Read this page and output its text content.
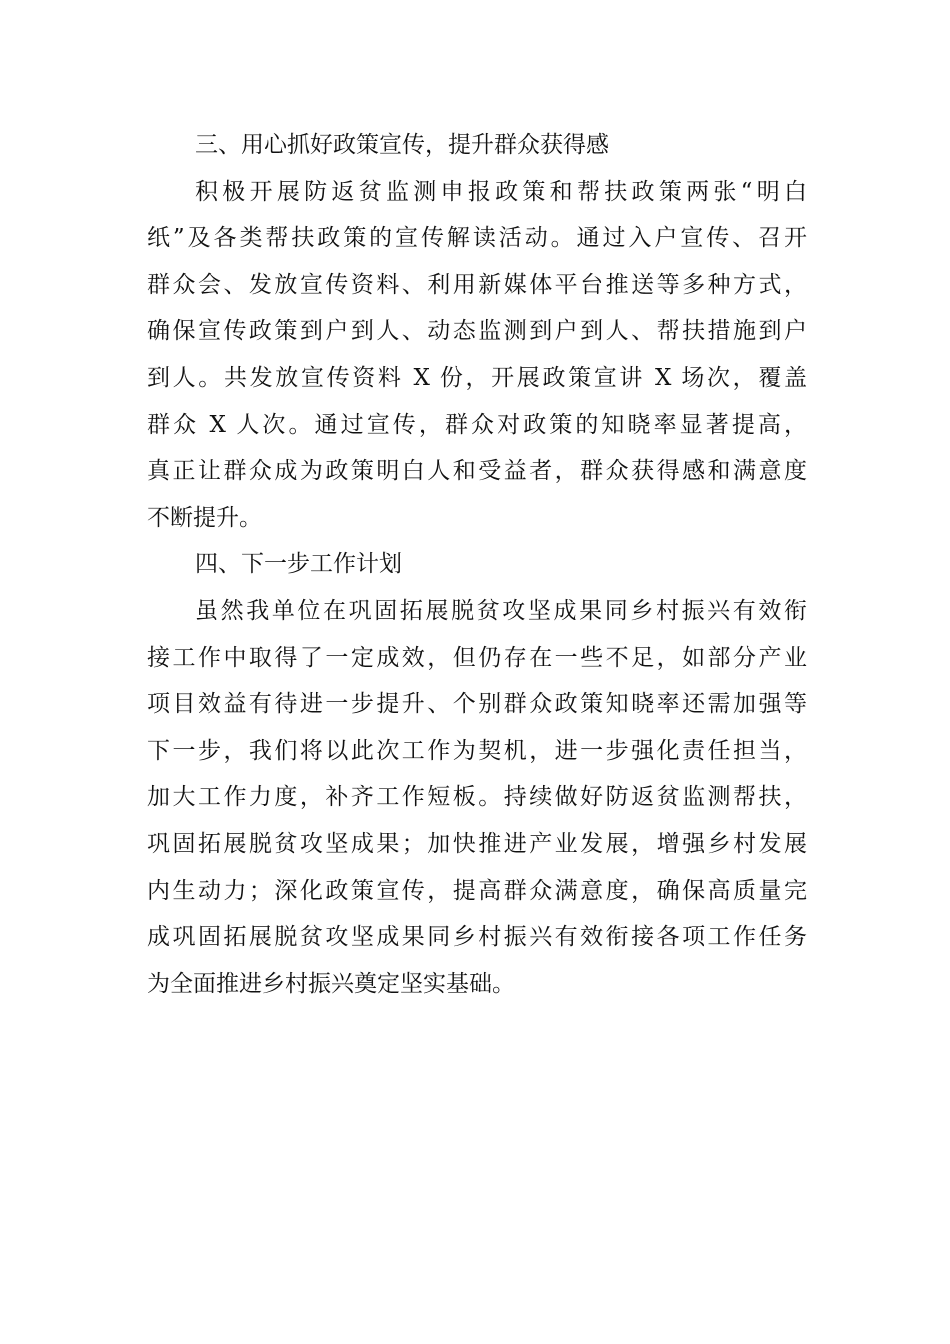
三、用心抓好政策宣传，提升群众获得感
积极开展防返贫监测申报政策和帮扶政策两张“明白
纸”及各类帮扶政策的宣传解读活动。通过入户宣传、召开
群众会、发放宣传资料、利用新媒体平台推送等多种方式，
确保宣传政策到户到人、动态监测到户到人、帮扶措施到户
到人。共发放宣传资料 X 份，开展政策宣讲 X 场次，覆盖
群众 X 人次。通过宣传，群众对政策的知晓率显著提高，
真正让群众成为政策明白人和受益者，群众获得感和满意度
不断提升。
四、下一步工作计划
虽然我单位在巩固拓展脱贫攻坚成果同乡村振兴有效衔
接工作中取得了一定成效，但仍存在一些不足，如部分产业
项目效益有待进一步提升、个别群众政策知晓率还需加强等
下一步，我们将以此次工作为契机，进一步强化责任担当，
加大工作力度，补齐工作短板。持续做好防返贫监测帮扶，
巩固拓展脱贫攻坚成果；加快推进产业发展，增强乡村发展
内生动力；深化政策宣传，提高群众满意度，确保高质量完
成巩固拓展脱贫攻坚成果同乡村振兴有效衔接各项工作任务
为全面推进乡村振兴奠定坚实基础。
